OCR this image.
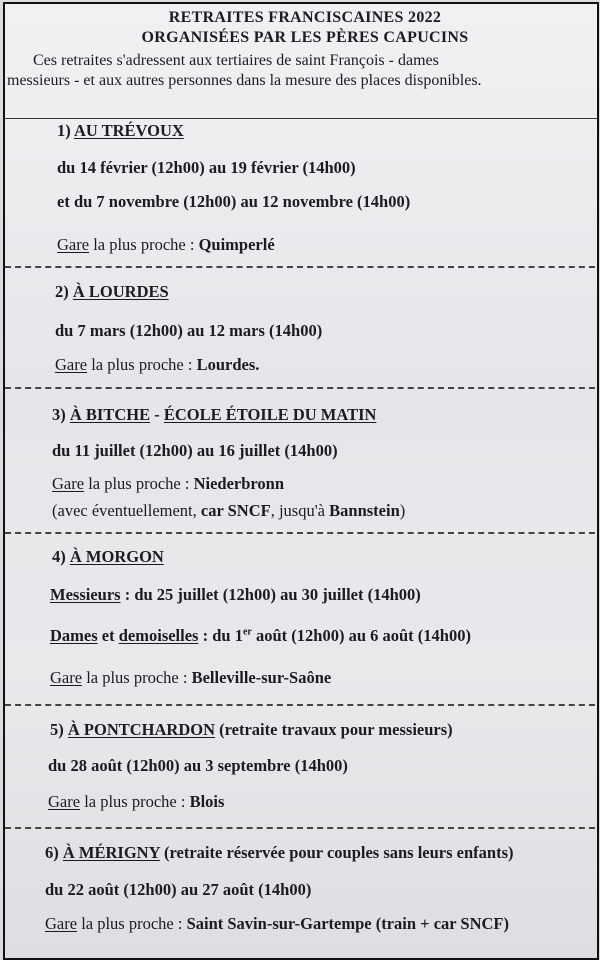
RETRAITES FRANCISCAINES 2022
ORGANISÉES PAR LES PÈRES CAPUCINS
Ces retraites s'adressent aux tertiaires de saint François - dames
messieurs - et aux autres personnes dans la mesure des places disponibles.
1) AU TRÉVOUX
du 14 février (12h00) au 19 février (14h00)
et du 7 novembre (12h00) au 12 novembre (14h00)
Gare la plus proche : Quimperlé
2) À LOURDES
du 7 mars (12h00) au 12 mars (14h00)
Gare la plus proche : Lourdes.
3) À BITCHE - ÉCOLE ÉTOILE DU MATIN
du 11 juillet (12h00) au 16 juillet (14h00)
Gare la plus proche : Niederbronn
(avec éventuellement, car SNCF, jusqu'à Bannstein)
4) À MORGON
Messieurs : du 25 juillet (12h00) au 30 juillet (14h00)
Dames et demoiselles : du 1er août (12h00) au 6 août (14h00)
Gare la plus proche : Belleville-sur-Saône
5) À PONTCHARDON (retraite travaux pour messieurs)
du 28 août (12h00) au 3 septembre (14h00)
Gare la plus proche : Blois
6) À MÉRIGNY (retraite réservée pour couples sans leurs enfants)
du 22 août (12h00) au 27 août (14h00)
Gare la plus proche : Saint Savin-sur-Gartempe (train + car SNCF)
